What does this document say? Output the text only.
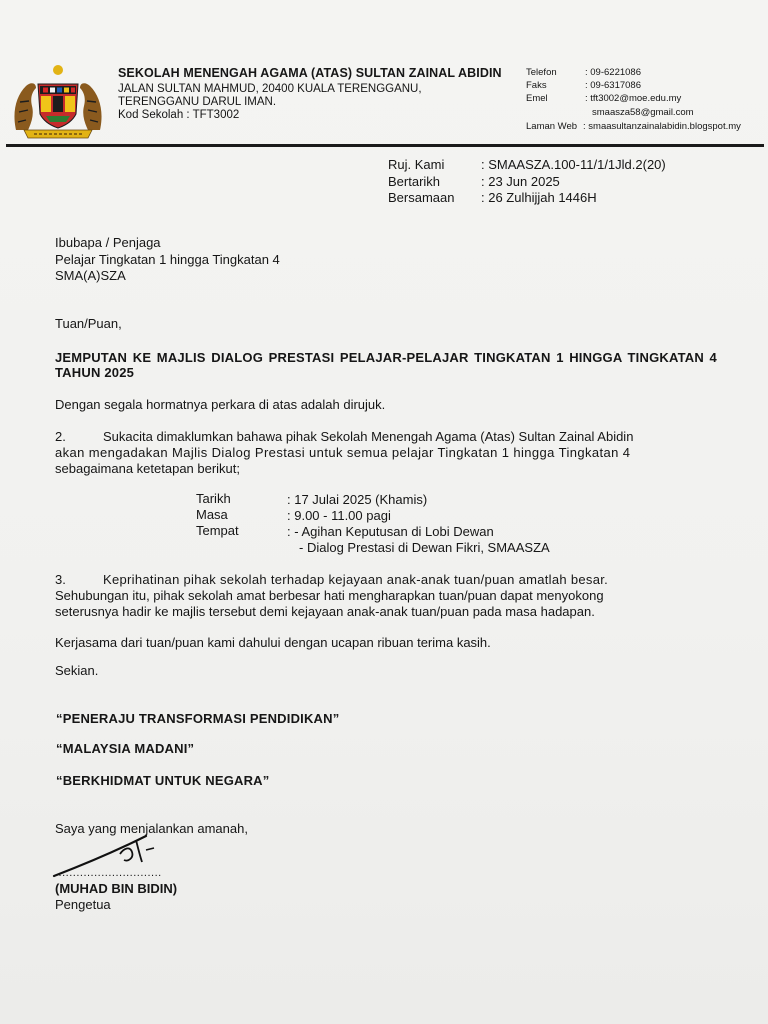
SEKOLAH MENENGAH AGAMA (ATAS) SULTAN ZAINAL ABIDIN
JALAN SULTAN MAHMUD, 20400 KUALA TERENGGANU,
TERENGGANU DARUL IMAN.
Kod Sekolah : TFT3002
Telefon	: 09-6221086
Faks	: 09-6317086
Emel	: tft3002@moe.edu.my
smaasza58@gmail.com
Laman Web : smaasultanzainalabidin.blogspot.my
Ruj. Kami	: SMAASZA.100-11/1/1Jld.2(20)
Bertarikh	: 23 Jun 2025
Bersamaan : 26 Zulhijjah 1446H
Ibubapa / Penjaga
Pelajar Tingkatan 1 hingga Tingkatan 4
SMA(A)SZA
Tuan/Puan,
JEMPUTAN KE MAJLIS DIALOG PRESTASI PELAJAR-PELAJAR TINGKATAN 1 HINGGA TINGKATAN 4 TAHUN 2025
Dengan segala hormatnya perkara di atas adalah dirujuk.
2.	Sukacita dimaklumkan bahawa pihak Sekolah Menengah Agama (Atas) Sultan Zainal Abidin
akan mengadakan Majlis Dialog Prestasi untuk semua pelajar Tingkatan 1 hingga Tingkatan 4
sebagaimana ketetapan berikut;
Tarikh	: 17 Julai 2025 (Khamis)
Masa	: 9.00 - 11.00 pagi
Tempat	: - Agihan Keputusan di Lobi Dewan
- Dialog Prestasi di Dewan Fikri, SMAASZA
3.	Keprihatinan pihak sekolah terhadap kejayaan anak-anak tuan/puan amatlah besar.
Sehubungan itu, pihak sekolah amat berbesar hati mengharapkan tuan/puan dapat menyokong
seterusnya hadir ke majlis tersebut demi kejayaan anak-anak tuan/puan pada masa hadapan.
Kerjasama dari tuan/puan kami dahului dengan ucapan ribuan terima kasih.
Sekian.
“PENERAJU TRANSFORMASI PENDIDIKAN”
“MALAYSIA MADANI”
“BERKHIDMAT UNTUK NEGARA”
Saya yang menjalankan amanah,
..............................
(MUHAD BIN BIDIN)
Pengetua
